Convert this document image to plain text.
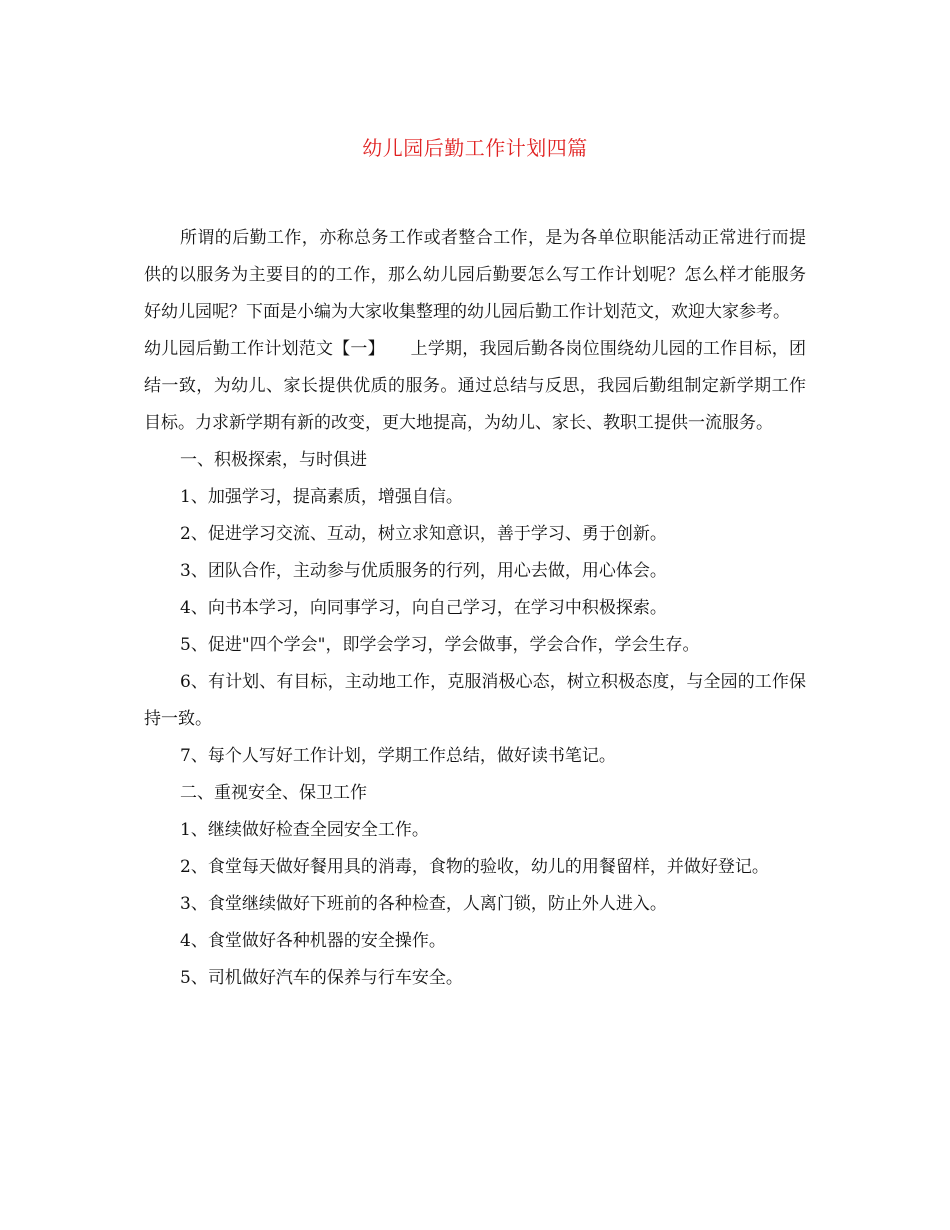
幼儿园后勤工作计划四篇

所谓的后勤工作，亦称总务工作或者整合工作，是为各单位职能活动正常进行而提供的以服务为主要目的的工作，那么幼儿园后勤要怎么写工作计划呢？怎么样才能服务好幼儿园呢？下面是小编为大家收集整理的幼儿园后勤工作计划范文，欢迎大家参考。

幼儿园后勤工作计划范文【一】　　上学期，我园后勤各岗位围绕幼儿园的工作目标，团结一致，为幼儿、家长提供优质的服务。通过总结与反思，我园后勤组制定新学期工作目标。力求新学期有新的改变，更大地提高，为幼儿、家长、教职工提供一流服务。

一、积极探索，与时俱进

1、加强学习，提高素质，增强自信。

2、促进学习交流、互动，树立求知意识，善于学习、勇于创新。

3、团队合作，主动参与优质服务的行列，用心去做，用心体会。

4、向书本学习，向同事学习，向自己学习，在学习中积极探索。

5、促进"四个学会"，即学会学习，学会做事，学会合作，学会生存。

6、有计划、有目标，主动地工作，克服消极心态，树立积极态度，与全园的工作保持一致。

7、每个人写好工作计划，学期工作总结，做好读书笔记。

二、重视安全、保卫工作

1、继续做好检查全园安全工作。

2、食堂每天做好餐用具的消毒，食物的验收，幼儿的用餐留样，并做好登记。

3、食堂继续做好下班前的各种检查，人离门锁，防止外人进入。

4、食堂做好各种机器的安全操作。

5、司机做好汽车的保养与行车安全。
